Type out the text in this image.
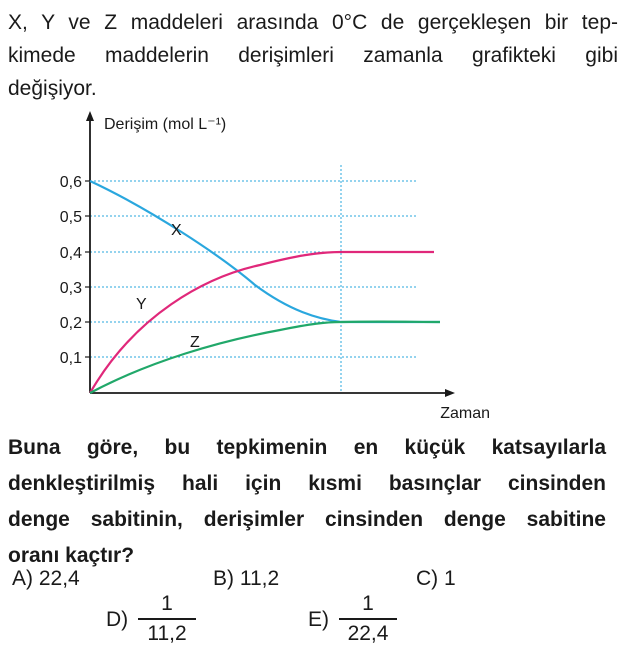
X, Y ve Z maddeleri arasında 0°C de gerçekleşen bir tep-
kimede maddelerin derişimleri zamanla grafikteki gibi
değişiyor.
0,1
0,2
0,3
0,4
0,5
0,6
Derişim (mol L⁻¹)
Zaman
X
Y
Z
Buna göre, bu tepkimenin en küçük katsayılarla
denkleştirilmiş hali için kısmi basınçlar cinsinden
denge sabitinin, derişimler cinsinden denge sabitine
oranı kaçtır?
A) 22,4	B) 11,2	C) 1
D)
1
11,2
E)
1
22,4
